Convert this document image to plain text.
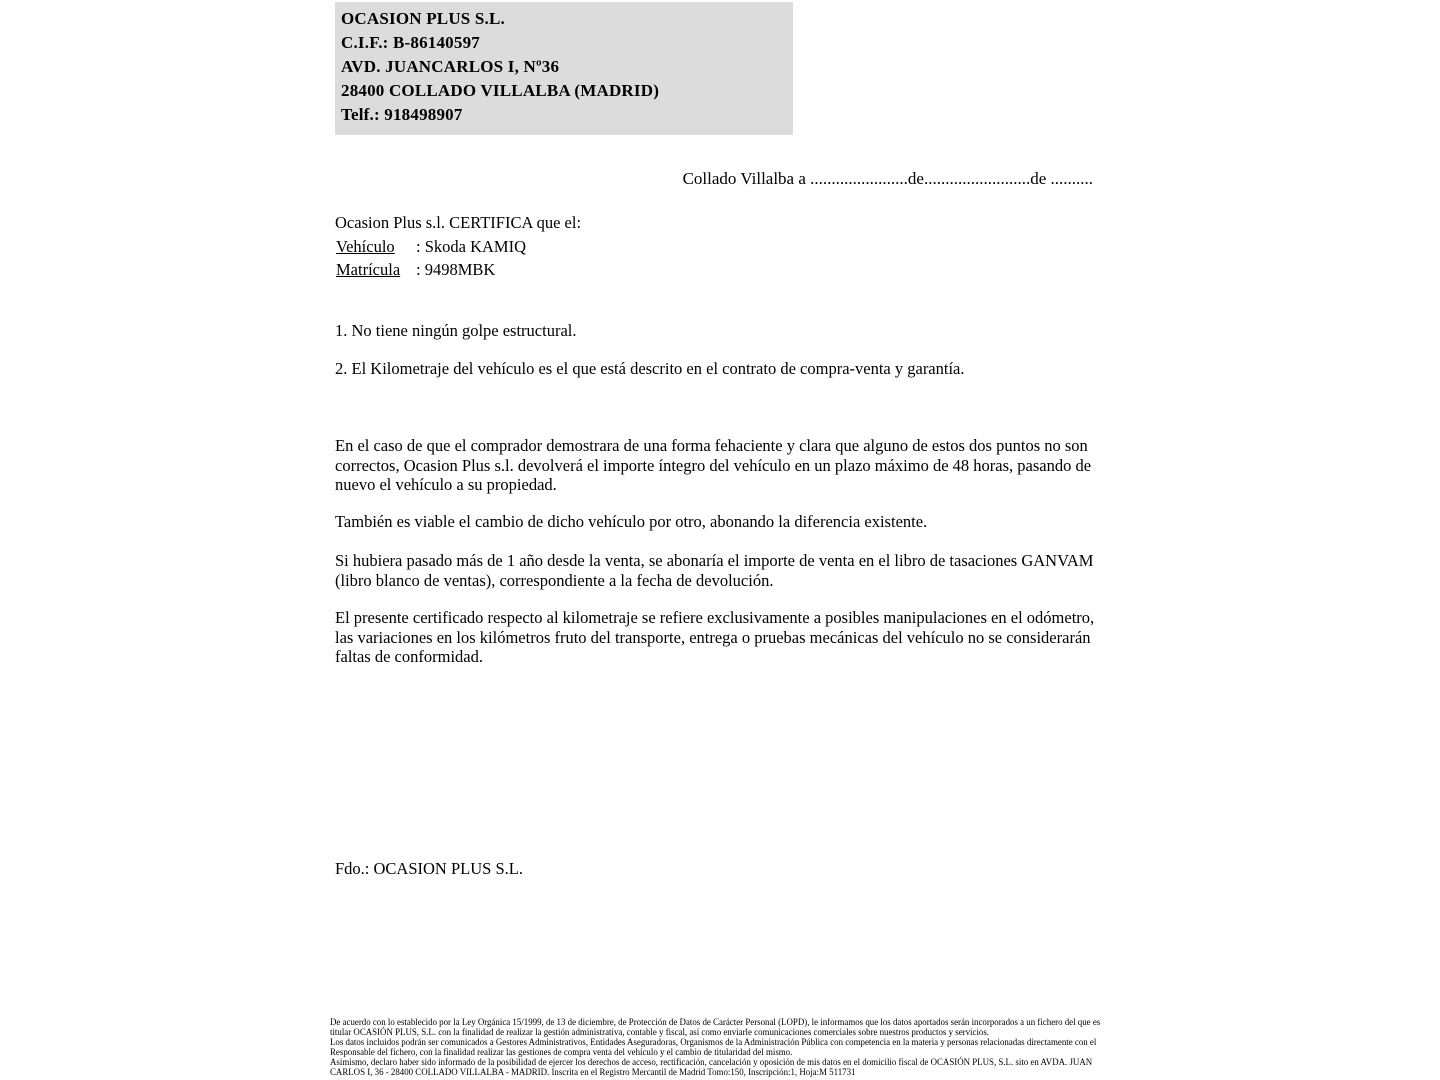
OCASION PLUS S.L.
C.I.F.: B-86140597
AVD. JUANCARLOS I, Nº36
28400 COLLADO VILLALBA (MADRID)
Telf.: 918498907
Collado Villalba a .......................de.........................de ..........
Ocasion Plus s.l. CERTIFICA que el:
Vehículo	: Skoda KAMIQ
Matrícula : 9498MBK
1. No tiene ningún golpe estructural.
2. El Kilometraje del vehículo es el que está descrito en el contrato de compra-venta y garantía.
En el caso de que el comprador demostrara de una forma fehaciente y clara que alguno de estos dos puntos no son correctos, Ocasion Plus s.l. devolverá el importe íntegro del vehículo en un plazo máximo de 48 horas, pasando de nuevo el vehículo a su propiedad.
También es viable el cambio de dicho vehículo por otro, abonando la diferencia existente.
Si hubiera pasado más de 1 año desde la venta, se abonaría el importe de venta en el libro de tasaciones GANVAM (libro blanco de ventas), correspondiente a la fecha de devolución.
El presente certificado respecto al kilometraje se refiere exclusivamente a posibles manipulaciones en el odómetro, las variaciones en los kilómetros fruto del transporte, entrega o pruebas mecánicas del vehículo no se considerarán faltas de conformidad.
Fdo.: OCASION PLUS S.L.

De acuerdo con lo establecido por la Ley Orgánica 15/1999, de 13 de diciembre, de Protección de Datos de Carácter Personal (LOPD), le informamos que los datos aportados serán incorporados a un fichero del que es titular OCASIÓN PLUS, S.L. con la finalidad de realizar la gestión administrativa, contable y fiscal, así como enviarle comunicaciones comerciales sobre nuestros productos y servicios.

Los datos incluidos podrán ser comunicados a Gestores Administrativos, Entidades Aseguradoras, Organismos de la Administración Pública con competencia en la materia y personas relacionadas directamente con el Responsable del fichero, con la finalidad realizar las gestiones de compra venta del vehículo y el cambio de titularidad del mismo.

Asimismo, declaro haber sido informado de la posibilidad de ejercer los derechos de acceso, rectificación, cancelación y oposición de mis datos en el domicilio fiscal de OCASIÓN PLUS, S.L. sito en AVDA. JUAN CARLOS I, 36 - 28400 COLLADO VILLALBA - MADRID. Inscrita en el Registro Mercantil de Madrid Tomo:150, Inscripción:1, Hoja:M 511731
